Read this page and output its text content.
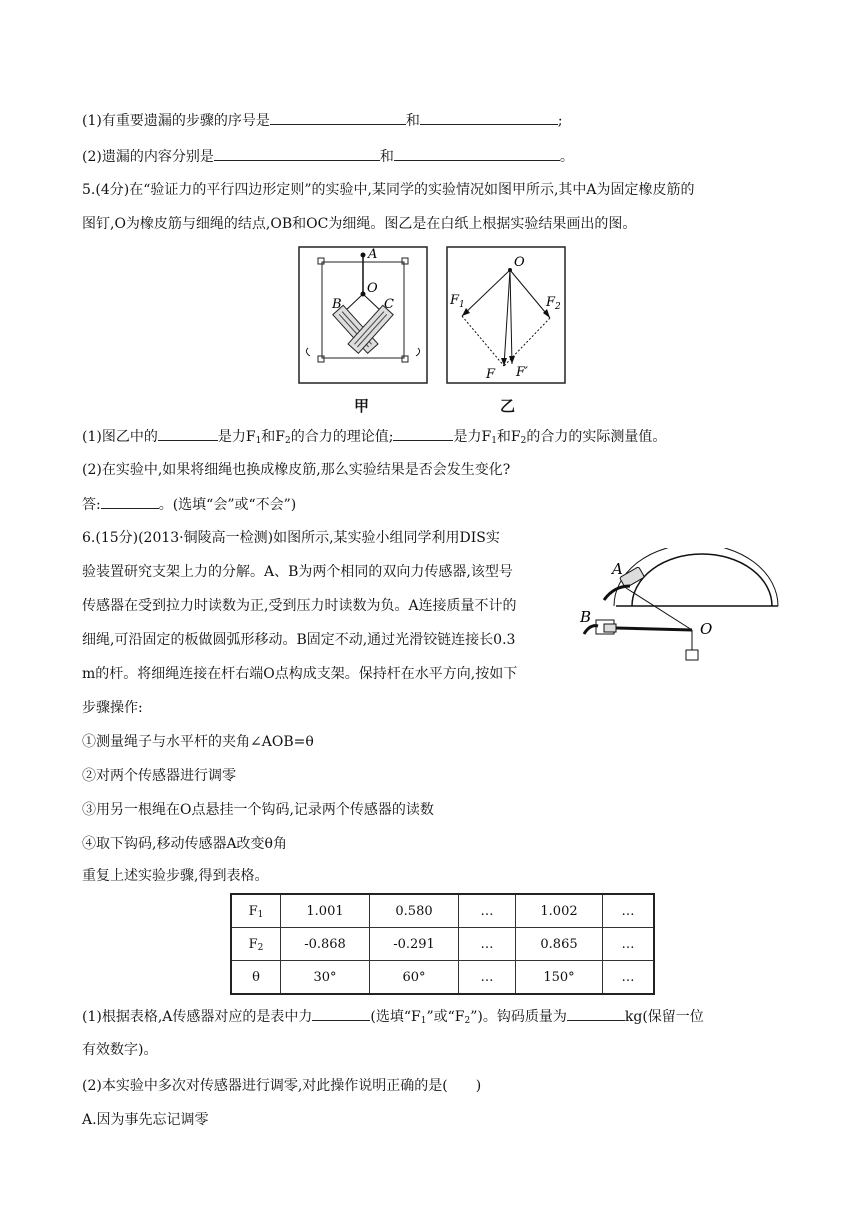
(1)有重要遗漏的步骤的序号是	和	;
(2)遗漏的内容分别是	和	。
5.(4分)在“验证力的平行四边形定则”的实验中,某同学的实验情况如图甲所示,其中A为固定橡皮筋的
图钉,O为橡皮筋与细绳的结点,OB和OC为细绳。图乙是在白纸上根据实验结果画出的图。
A
O
B	C
甲
O
$F_1$	$F_2$
F F′
乙
(1)图乙中的	是力$F_1$和$F_2$的合力的理论值;	是力$F_1$和$F_2$的合力的实际测量值。
(2)在实验中,如果将细绳也换成橡皮筋,那么实验结果是否会发生变化?
答:	。(选填“会”或“不会”)
6.(15分)(2013·铜陵高一检测)如图所示,某实验小组同学利用DIS实
验装置研究支架上力的分解。A、B为两个相同的双向力传感器,该型号
传感器在受到拉力时读数为正,受到压力时读数为负。A连接质量不计的
细绳,可沿固定的板做圆弧形移动。B固定不动,通过光滑铰链连接长0.3
m的杆。将细绳连接在杆右端O点构成支架。保持杆在水平方向,按如下
步骤操作:
A
B
O
①测量绳子与水平杆的夹角∠AOB=θ
②对两个传感器进行调零
③用另一根绳在O点悬挂一个钩码,记录两个传感器的读数
④取下钩码,移动传感器A改变θ角
重复上述实验步骤,得到表格。
$F_1$	1.001	0.580	…	1.002	…
$F_2$	-0.868	-0.291	…	0.865	…
θ	30°	60°	…	150°	…
(1)根据表格,A传感器对应的是表中力	(选填“$F_1$”或“$F_2$”)。钩码质量为	kg(保留一位
有效数字)。
(2)本实验中多次对传感器进行调零,对此操作说明正确的是(　　)
A.因为事先忘记调零
